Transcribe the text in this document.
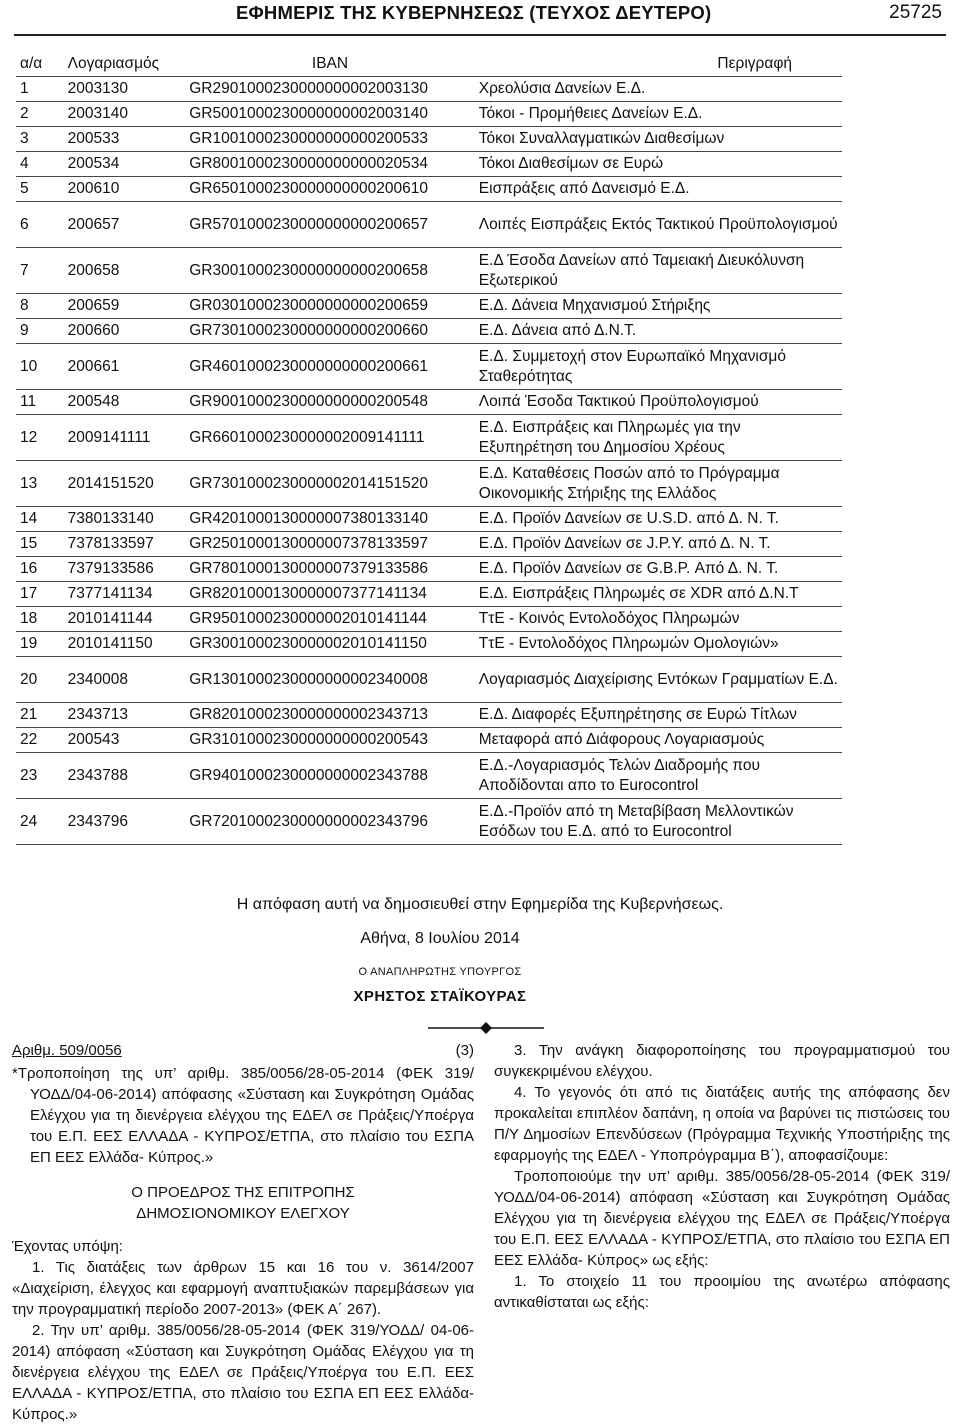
ΕΦΗΜΕΡΙΣ ΤΗΣ ΚΥΒΕΡΝΗΣΕΩΣ (ΤΕΥΧΟΣ ΔΕΥΤΕΡΟ)	25725
α/α	Λογαριασμός	IBAN	Περιγραφή
1	2003130	GR2901000230000000002003130	Χρεολύσια Δανείων Ε.Δ.
2	2003140	GR5001000230000000002003140	Τόκοι - Προμήθειες Δανείων Ε.Δ.
3	200533	GR1001000230000000000200533	Τόκοι Συναλλαγματικών Διαθεσίμων
4	200534	GR8001000230000000000020534	Τόκοι Διαθεσίμων σε Ευρώ
5	200610	GR6501000230000000000200610	Εισπράξεις από Δανεισμό Ε.Δ.
6	200657	GR5701000230000000000200657	Λοιπές Εισπράξεις Εκτός Τακτικού Προϋπολογισμού
7	200658	GR3001000230000000000200658	Ε.Δ Έσοδα Δανείων από Ταμειακή Διευκόλυνση Εξωτερικού
8	200659	GR0301000230000000000200659	Ε.Δ. Δάνεια Μηχανισμού Στήριξης
9	200660	GR7301000230000000000200660	Ε.Δ. Δάνεια από Δ.Ν.Τ.
10	200661	GR4601000230000000000200661	Ε.Δ. Συμμετοχή στον Ευρωπαϊκό Μηχανισμό Σταθερότητας
11	200548	GR9001000230000000000200548	Λοιπά Έσοδα Τακτικού Προϋπολογισμού
12	2009141111	GR6601000230000002009141111	Ε.Δ. Εισπράξεις και Πληρωμές για την Εξυπηρέτηση του Δημοσίου Χρέους
13	2014151520	GR7301000230000002014151520	Ε.Δ. Καταθέσεις Ποσών από το Πρόγραμμα Οικονομικής Στήριξης της Ελλάδος
14	7380133140	GR4201000130000007380133140	Ε.Δ. Προϊόν Δανείων σε U.S.D. από Δ. Ν. Τ.
15	7378133597	GR2501000130000007378133597	Ε.Δ. Προϊόν Δανείων σε J.P.Y. από Δ. Ν. Τ.
16	7379133586	GR7801000130000007379133586	Ε.Δ. Προϊόν Δανείων σε G.B.P. Από Δ. Ν. Τ.
17	7377141134	GR8201000130000007377141134	Ε.Δ. Εισπράξεις Πληρωμές σε XDR από Δ.Ν.Τ
18	2010141144	GR9501000230000002010141144	ΤτΕ - Κοινός Εντολοδόχος Πληρωμών
19	2010141150	GR3001000230000002010141150	ΤτΕ - Εντολοδόχος Πληρωμών Ομολογιών»
20	2340008	GR1301000230000000002340008	Λογαριασμός Διαχείρισης Εντόκων Γραμματίων Ε.Δ.
21	2343713	GR8201000230000000002343713	Ε.Δ. Διαφορές Εξυπηρέτησης σε Ευρώ Τίτλων
22	200543	GR3101000230000000000200543	Μεταφορά από Διάφορους Λογαριασμούς
23	2343788	GR9401000230000000002343788	Ε.Δ.-Λογαριασμός Τελών Διαδρομής που Αποδίδονται απο το Eurocontrol
24	2343796	GR7201000230000000002343796	Ε.Δ.-Προϊόν από τη Μεταβίβαση Μελλοντικών Εσόδων του Ε.Δ. από το Eurocontrol
Η απόφαση αυτή να δημοσιευθεί στην Εφημερίδα της Κυβερνήσεως.
Αθήνα, 8 Ιουλίου 2014
Ο ΑΝΑΠΛΗΡΩΤΗΣ ΥΠΟΥΡΓΟΣ
ΧΡΗΣΤΟΣ ΣΤΑΪΚΟΥΡΑΣ
Αριθμ. 509/0056	(3)

*Τροποποίηση της υπ’ αριθμ. 385/0056/28-05-2014 (ΦΕΚ 319/ΥΟΔΔ/04-06-2014) απόφασης «Σύσταση και Συγκρότηση Ομάδας Ελέγχου για τη διενέργεια ελέγχου της ΕΔΕΛ σε Πράξεις/Υποέργα του Ε.Π. ΕΕΣ ΕΛΛΑΔΑ - ΚΥΠΡΟΣ/ΕΤΠΑ, στο πλαίσιο του ΕΣΠΑ ΕΠ ΕΕΣ Ελλάδα- Κύπρος.»

Ο ΠΡΟΕΔΡΟΣ ΤΗΣ ΕΠΙΤΡΟΠΗΣ
ΔΗΜΟΣΙΟΝΟΜΙΚΟΥ ΕΛΕΓΧΟΥ

Έχοντας υπόψη:

1. Τις διατάξεις των άρθρων 15 και 16 του ν. 3614/2007 «Διαχείριση, έλεγχος και εφαρμογή αναπτυξιακών παρεμβάσεων για την προγραμματική περίοδο 2007-2013» (ΦΕΚ Α΄ 267).

2. Την υπ’ αριθμ. 385/0056/28-05-2014 (ΦΕΚ 319/ΥΟΔΔ/ 04-06-2014) απόφαση «Σύσταση και Συγκρότηση Ομάδας Ελέγχου για τη διενέργεια ελέγχου της ΕΔΕΛ σε Πράξεις/Υποέργα του Ε.Π. ΕΕΣ ΕΛΛΑΔΑ - ΚΥΠΡΟΣ/ΕΤΠΑ, στο πλαίσιο του ΕΣΠΑ ΕΠ ΕΕΣ Ελλάδα- Κύπρος.»

3. Την ανάγκη διαφοροποίησης του προγραμματισμού του συγκεκριμένου ελέγχου.

4. Το γεγονός ότι από τις διατάξεις αυτής της απόφασης δεν προκαλείται επιπλέον δαπάνη, η οποία να βαρύνει τις πιστώσεις του Π/Υ Δημοσίων Επενδύσεων (Πρόγραμμα Τεχνικής Υποστήριξης της εφαρμογής της ΕΔΕΛ - Υποπρόγραμμα Β΄), αποφασίζουμε:

Τροποποιούμε την υπ’ αριθμ. 385/0056/28-05-2014 (ΦΕΚ 319/ΥΟΔΔ/04-06-2014) απόφαση «Σύσταση και Συγκρότηση Ομάδας Ελέγχου για τη διενέργεια ελέγχου της ΕΔΕΛ σε Πράξεις/Υποέργα του Ε.Π. ΕΕΣ ΕΛΛΑΔΑ - ΚΥΠΡΟΣ/ΕΤΠΑ, στο πλαίσιο του ΕΣΠΑ ΕΠ ΕΕΣ Ελλάδα- Κύπρος» ως εξής:

1. Το στοιχείο 11 του προοιμίου της ανωτέρω απόφασης αντικαθίσταται ως εξής:
